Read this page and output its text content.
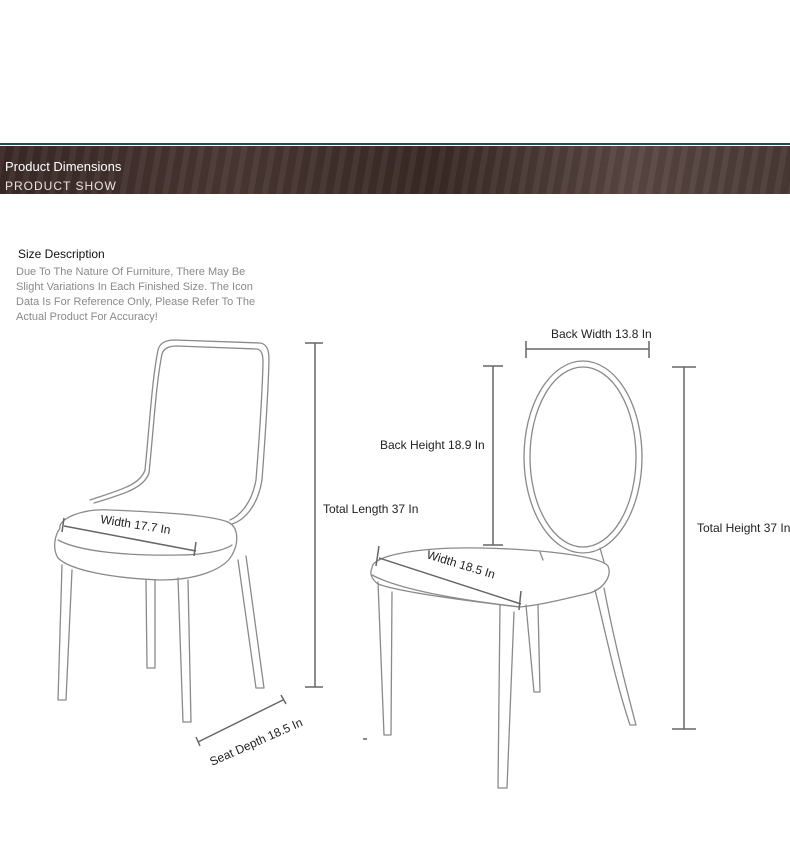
Product Dimensions
PRODUCT SHOW
Size Description
Due To The Nature Of Furniture, There May Be Slight Variations In Each Finished Size. The Icon Data Is For Reference Only, Please Refer To The Actual Product For Accuracy!
Width 17.7 In
Total Length 37 In
Seat Depth 18.5 In
Back Width 13.8 In
Back Height 18.9 In
Width 18.5 In
Total Height 37 In
